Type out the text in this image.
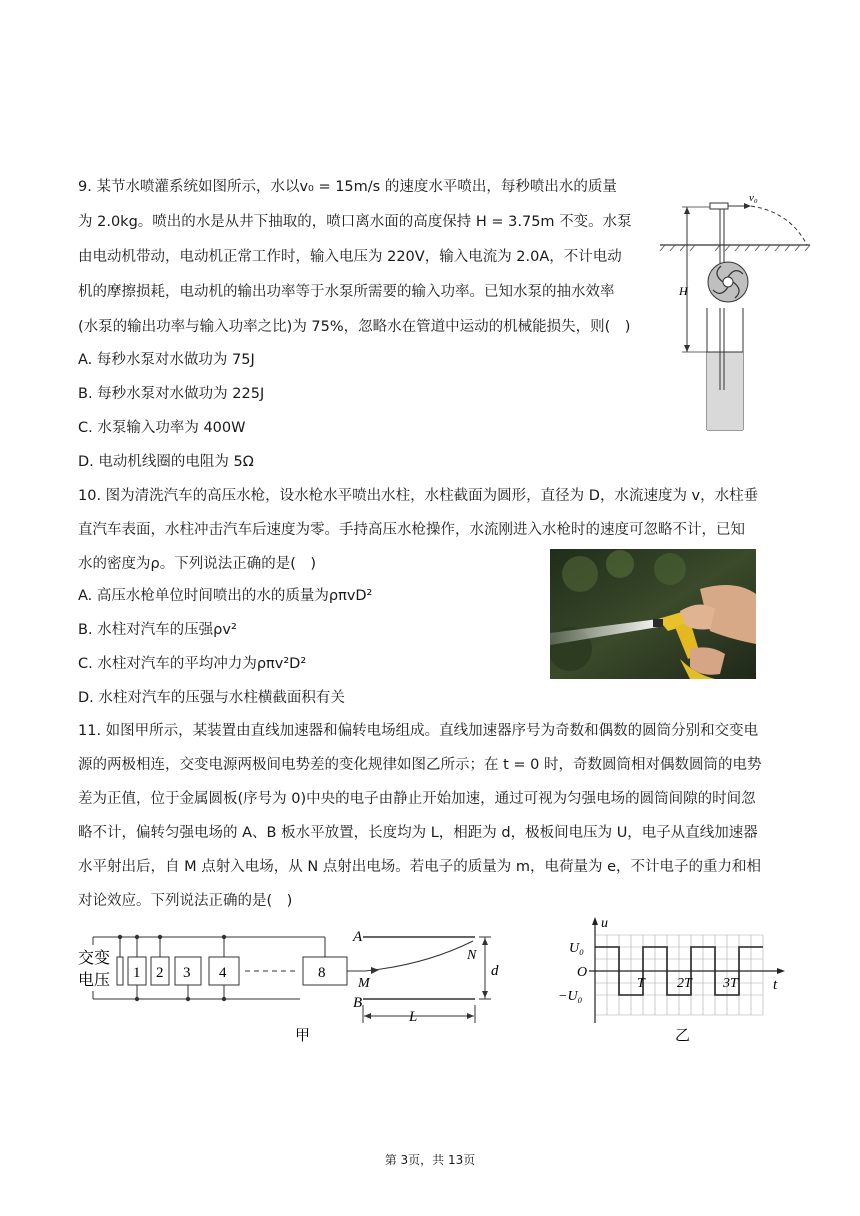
9. 某节水喷灌系统如图所示，水以v₀ = 15m/s 的速度水平喷出，每秒喷出水的质量
为 2.0kg。喷出的水是从井下抽取的，喷口离水面的高度保持 H = 3.75m 不变。水泵
由电动机带动，电动机正常工作时，输入电压为 220V，输入电流为 2.0A，不计电动
机的摩擦损耗，电动机的输出功率等于水泵所需要的输入功率。已知水泵的抽水效率
(水泵的输出功率与输入功率之比)为 75%，忽略水在管道中运动的机械能损失，则(　)
A. 每秒水泵对水做功为 75J
B. 每秒水泵对水做功为 225J
C. 水泵输入功率为 400W
D. 电动机线圈的电阻为 5Ω
v₀
H
10. 图为清洗汽车的高压水枪，设水枪水平喷出水柱，水柱截面为圆形，直径为 D，水流速度为 v，水柱垂
直汽车表面，水柱冲击汽车后速度为零。手持高压水枪操作，水流刚进入水枪时的速度可忽略不计，已知
水的密度为ρ。下列说法正确的是(　)
A. 高压水枪单位时间喷出的水的质量为ρπvD²
B. 水柱对汽车的压强ρv²
C. 水柱对汽车的平均冲力为ρπv²D²
D. 水柱对汽车的压强与水柱横截面积有关
11. 如图甲所示，某装置由直线加速器和偏转电场组成。直线加速器序号为奇数和偶数的圆筒分别和交变电
源的两极相连，交变电源两极间电势差的变化规律如图乙所示；在 t = 0 时，奇数圆筒相对偶数圆筒的电势
差为正值，位于金属圆板(序号为 0)中央的电子由静止开始加速，通过可视为匀强电场的圆筒间隙的时间忽
略不计，偏转匀强电场的 A、B 板水平放置，长度均为 L，相距为 d，极板间电压为 U，电子从直线加速器
水平射出后，自 M 点射入电场，从 N 点射出电场。若电子的质量为 m，电荷量为 e，不计电子的重力和相
对论效应。下列说法正确的是(　)
交变
电压 1 2 3 4	8
A
B
M
N
d
L
甲
u
t
U₀
O
−U₀
T 2T 3T
乙
第 3页，共 13页
